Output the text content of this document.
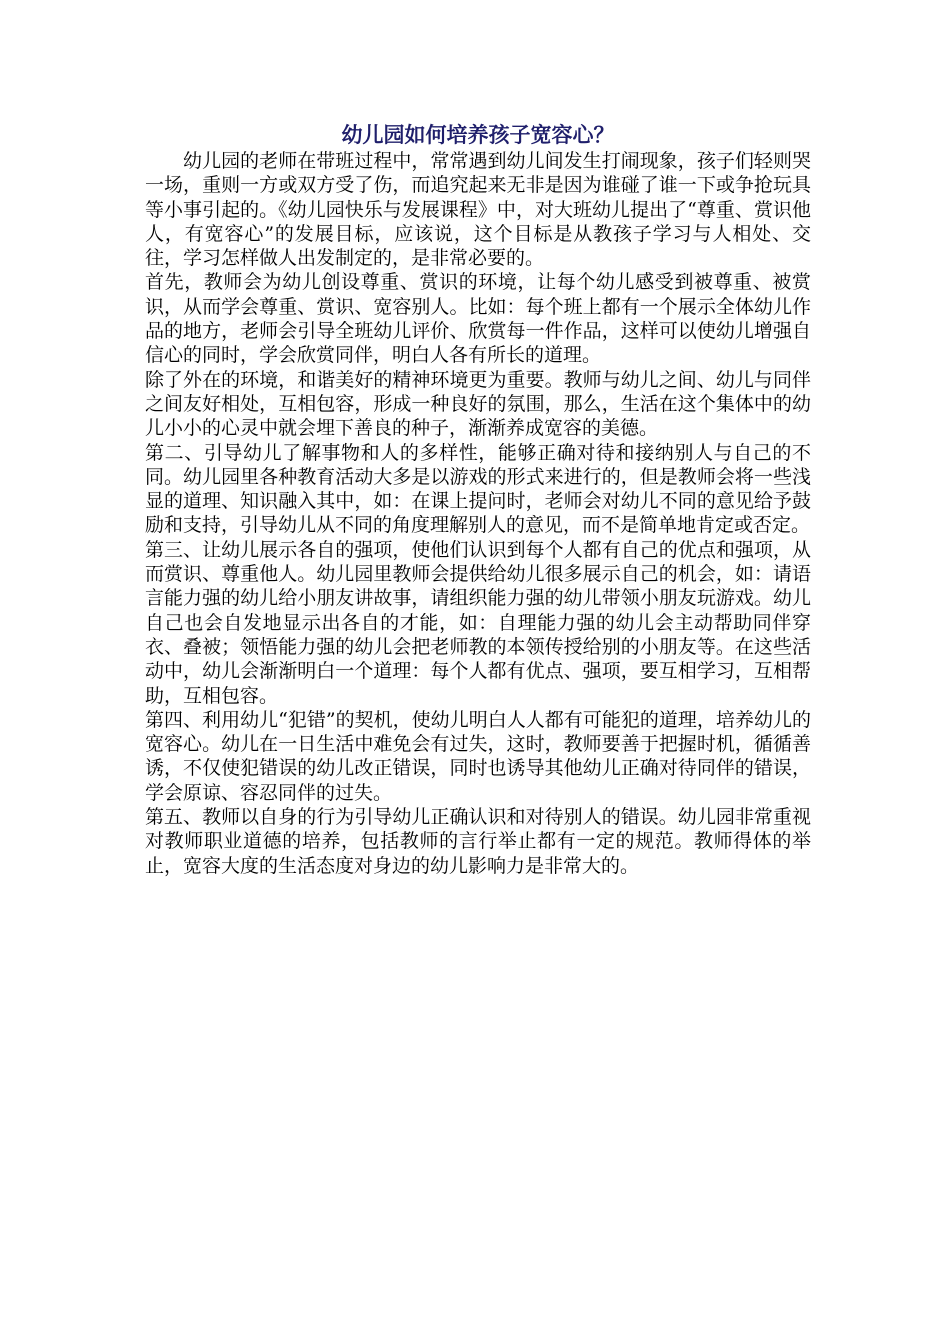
幼儿园如何培养孩子宽容心？

　　幼儿园的老师在带班过程中，常常遇到幼儿间发生打闹现象，孩子们轻则哭一场，重则一方或双方受了伤，而追究起来无非是因为谁碰了谁一下或争抢玩具等小事引起的。《幼儿园快乐与发展课程》中，对大班幼儿提出了“尊重、赏识他人，有宽容心”的发展目标，应该说，这个目标是从教孩子学习与人相处、交往，学习怎样做人出发制定的，是非常必要的。

首先，教师会为幼儿创设尊重、赏识的环境，让每个幼儿感受到被尊重、被赏识，从而学会尊重、赏识、宽容别人。比如：每个班上都有一个展示全体幼儿作品的地方，老师会引导全班幼儿评价、欣赏每一件作品，这样可以使幼儿增强自信心的同时，学会欣赏同伴，明白人各有所长的道理。

除了外在的环境，和谐美好的精神环境更为重要。教师与幼儿之间、幼儿与同伴之间友好相处，互相包容，形成一种良好的氛围，那么，生活在这个集体中的幼儿小小的心灵中就会埋下善良的种子，渐渐养成宽容的美德。

第二、引导幼儿了解事物和人的多样性，能够正确对待和接纳别人与自己的不同。幼儿园里各种教育活动大多是以游戏的形式来进行的，但是教师会将一些浅显的道理、知识融入其中，如：在课上提问时，老师会对幼儿不同的意见给予鼓励和支持，引导幼儿从不同的角度理解别人的意见，而不是简单地肯定或否定。

第三、让幼儿展示各自的强项，使他们认识到每个人都有自己的优点和强项，从而赏识、尊重他人。幼儿园里教师会提供给幼儿很多展示自己的机会，如：请语言能力强的幼儿给小朋友讲故事，请组织能力强的幼儿带领小朋友玩游戏。幼儿自己也会自发地显示出各自的才能，如：自理能力强的幼儿会主动帮助同伴穿衣、叠被；领悟能力强的幼儿会把老师教的本领传授给别的小朋友等。在这些活动中，幼儿会渐渐明白一个道理：每个人都有优点、强项，要互相学习，互相帮助，互相包容。

第四、利用幼儿“犯错”的契机，使幼儿明白人人都有可能犯的道理，培养幼儿的宽容心。幼儿在一日生活中难免会有过失，这时，教师要善于把握时机，循循善诱，不仅使犯错误的幼儿改正错误，同时也诱导其他幼儿正确对待同伴的错误，学会原谅、容忍同伴的过失。

第五、教师以自身的行为引导幼儿正确认识和对待别人的错误。幼儿园非常重视对教师职业道德的培养，包括教师的言行举止都有一定的规范。教师得体的举止，宽容大度的生活态度对身边的幼儿影响力是非常大的。
